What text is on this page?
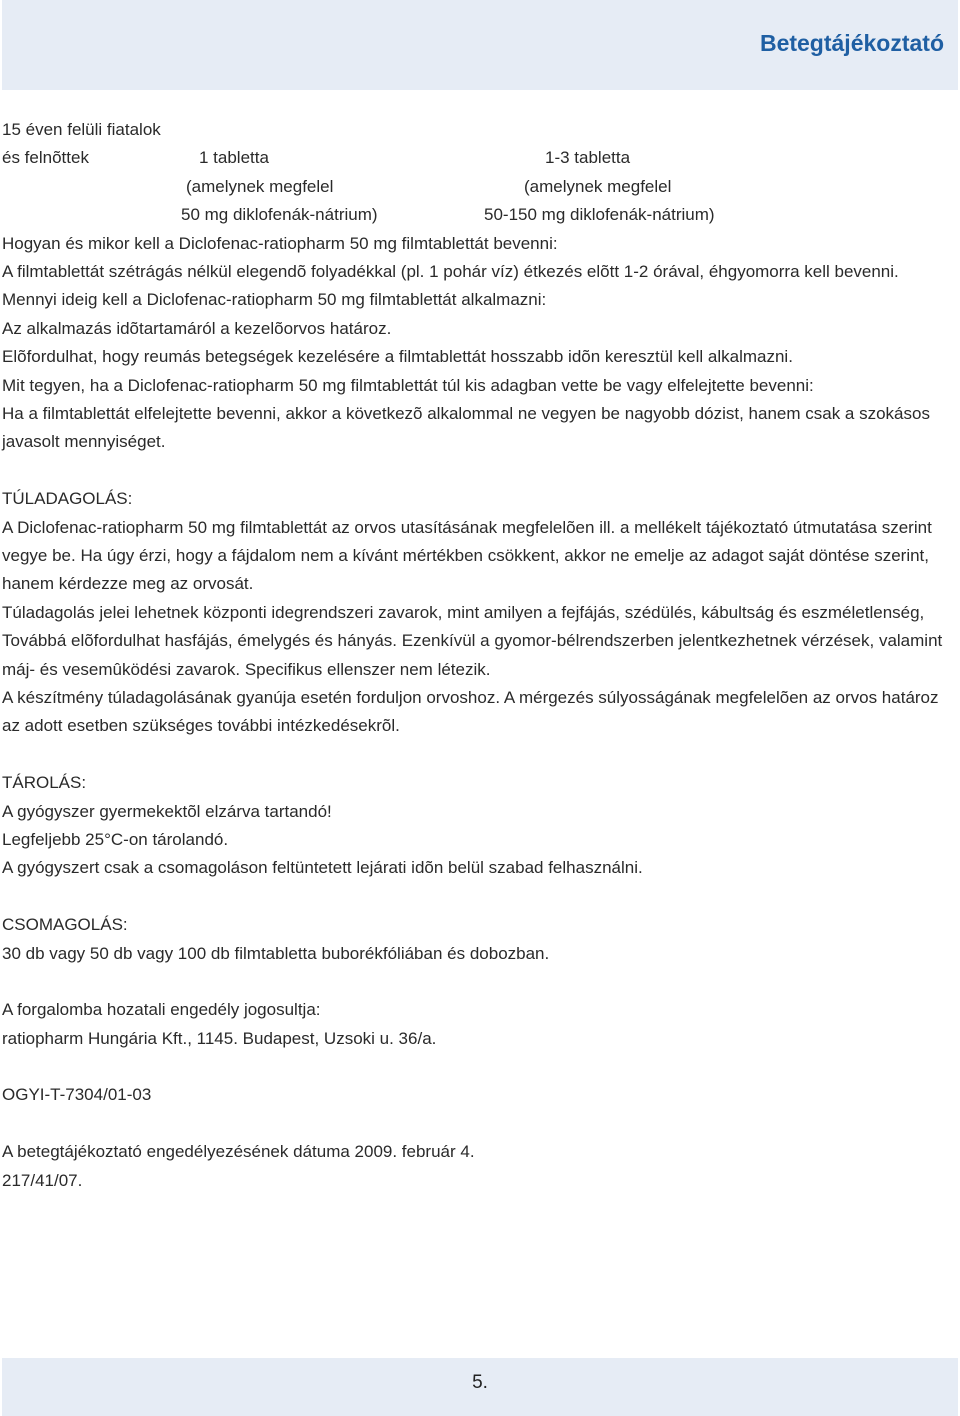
Betegtájékoztató
15 éven felüli fiatalok
és felnõttek	1 tabletta	1-3 tabletta
(amelynek megfelel	(amelynek megfelel
50 mg diklofenák-nátrium)	50-150 mg diklofenák-nátrium)
Hogyan és mikor kell a Diclofenac-ratiopharm 50 mg filmtablettát bevenni:
A filmtablettát szétrágás nélkül elegendõ folyadékkal (pl. 1 pohár víz) étkezés elõtt 1-2 órával, éhgyomorra kell bevenni.
Mennyi ideig kell a Diclofenac-ratiopharm 50 mg filmtablettát alkalmazni:
Az alkalmazás idõtartamáról a kezelõorvos határoz.
Elõfordulhat, hogy reumás betegségek kezelésére a filmtablettát hosszabb idõn keresztül kell alkalmazni.
Mit tegyen, ha a Diclofenac-ratiopharm 50 mg filmtablettát túl kis adagban vette be vagy elfelejtette bevenni:
Ha a filmtablettát elfelejtette bevenni, akkor a következõ alkalommal ne vegyen be nagyobb dózist, hanem csak a szokásos javasolt mennyiséget.
TÚLADAGOLÁS:
A Diclofenac-ratiopharm 50 mg filmtablettát az orvos utasításának megfelelõen ill. a mellékelt tájékoztató útmutatása szerint vegye be. Ha úgy érzi, hogy a fájdalom nem a kívánt mértékben csökkent, akkor ne emelje az adagot saját döntése szerint, hanem kérdezze meg az orvosát.
Túladagolás jelei lehetnek központi idegrendszeri zavarok, mint amilyen a fejfájás, szédülés, kábultság és eszméletlenség, Továbbá elõfordulhat hasfájás, émelygés és hányás. Ezenkívül a gyomor-bélrendszerben jelentkezhetnek vérzések, valamint máj- és vesemûködési zavarok. Specifikus ellenszer nem létezik.
A készítmény túladagolásának gyanúja esetén forduljon orvoshoz. A mérgezés súlyosságának megfelelõen az orvos határoz az adott esetben szükséges további intézkedésekrõl.
TÁROLÁS:
A gyógyszer gyermekektõl elzárva tartandó!
Legfeljebb 25°C-on tárolandó.
A gyógyszert csak a csomagoláson feltüntetett lejárati idõn belül szabad felhasználni.
CSOMAGOLÁS:
30 db vagy 50 db vagy 100 db filmtabletta buborékfóliában és dobozban.
A forgalomba hozatali engedély jogosultja:
ratiopharm Hungária Kft., 1145. Budapest, Uzsoki u. 36/a.
OGYI-T-7304/01-03
A betegtájékoztató engedélyezésének dátuma 2009. február 4.
217/41/07.
5.
